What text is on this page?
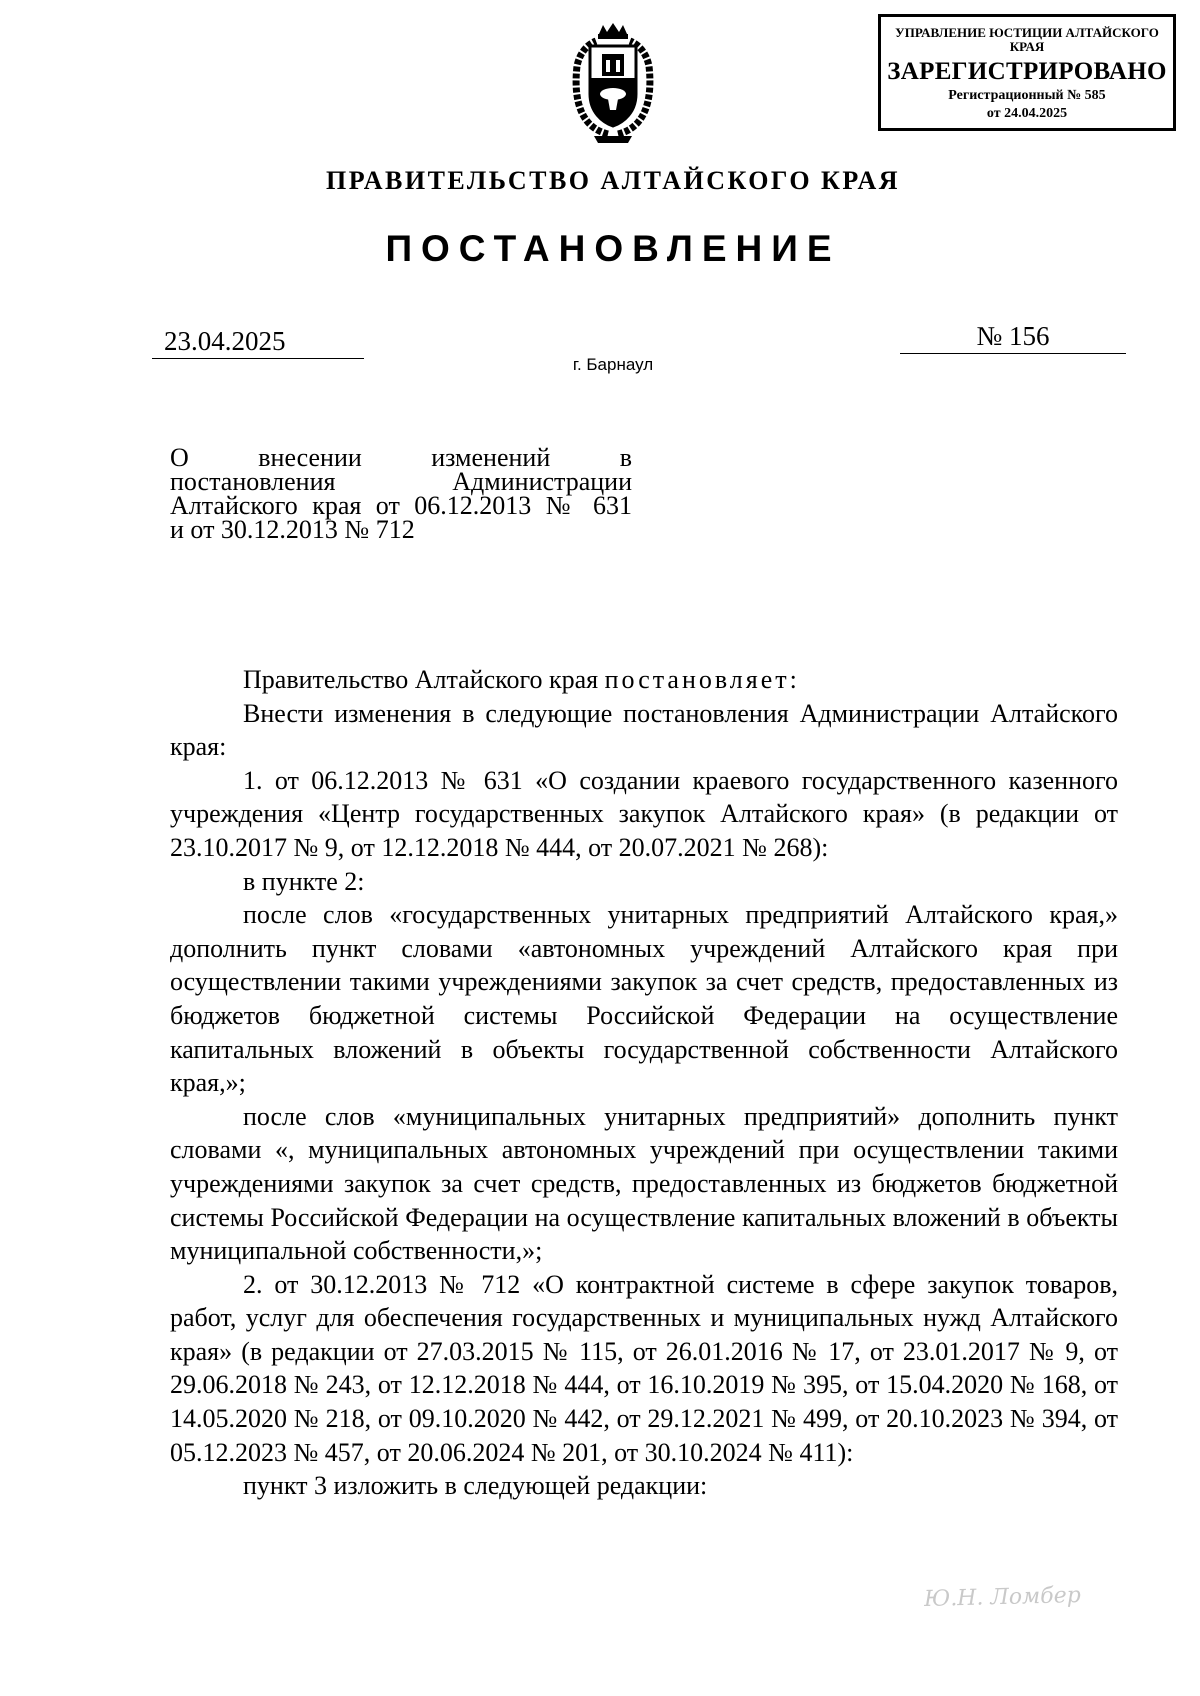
УПРАВЛЕНИЕ ЮСТИЦИИ АЛТАЙСКОГО КРАЯ
ЗАРЕГИСТРИРОВАНО
Регистрационный № 585
от 24.04.2025
ПРАВИТЕЛЬСТВО АЛТАЙСКОГО КРАЯ
ПОСТАНОВЛЕНИЕ
23.04.2025	№ 156
г. Барнаул
О внесении изменений в
постановления Администрации
Алтайского края от 06.12.2013 № 631
и от 30.12.2013 № 712

Правительство Алтайского края постановляет:

Внести изменения в следующие постановления Администрации Алтайского края:

1. от 06.12.2013 № 631 «О создании краевого государственного казенного учреждения «Центр государственных закупок Алтайского края» (в редакции от 23.10.2017 № 9, от 12.12.2018 № 444, от 20.07.2021 № 268):

в пункте 2:

после слов «государственных унитарных предприятий Алтайского края,» дополнить пункт словами «автономных учреждений Алтайского края при осуществлении такими учреждениями закупок за счет средств, предоставленных из бюджетов бюджетной системы Российской Федерации на осуществление капитальных вложений в объекты государственной собственности Алтайского края,»;

после слов «муниципальных унитарных предприятий» дополнить пункт словами «, муниципальных автономных учреждений при осуществлении такими учреждениями закупок за счет средств, предоставленных из бюджетов бюджетной системы Российской Федерации на осуществление капитальных вложений в объекты муниципальной собственности,»;

2. от 30.12.2013 № 712 «О контрактной системе в сфере закупок товаров, работ, услуг для обеспечения государственных и муниципальных нужд Алтайского края» (в редакции от 27.03.2015 № 115, от 26.01.2016 № 17, от 23.01.2017 № 9, от 29.06.2018 № 243, от 12.12.2018 № 444, от 16.10.2019 № 395, от 15.04.2020 № 168, от 14.05.2020 № 218, от 09.10.2020 № 442, от 29.12.2021 № 499, от 20.10.2023 № 394, от 05.12.2023 № 457, от 20.06.2024 № 201, от 30.10.2024 № 411):

пункт 3 изложить в следующей редакции:

Ю.Н. Ломбер
